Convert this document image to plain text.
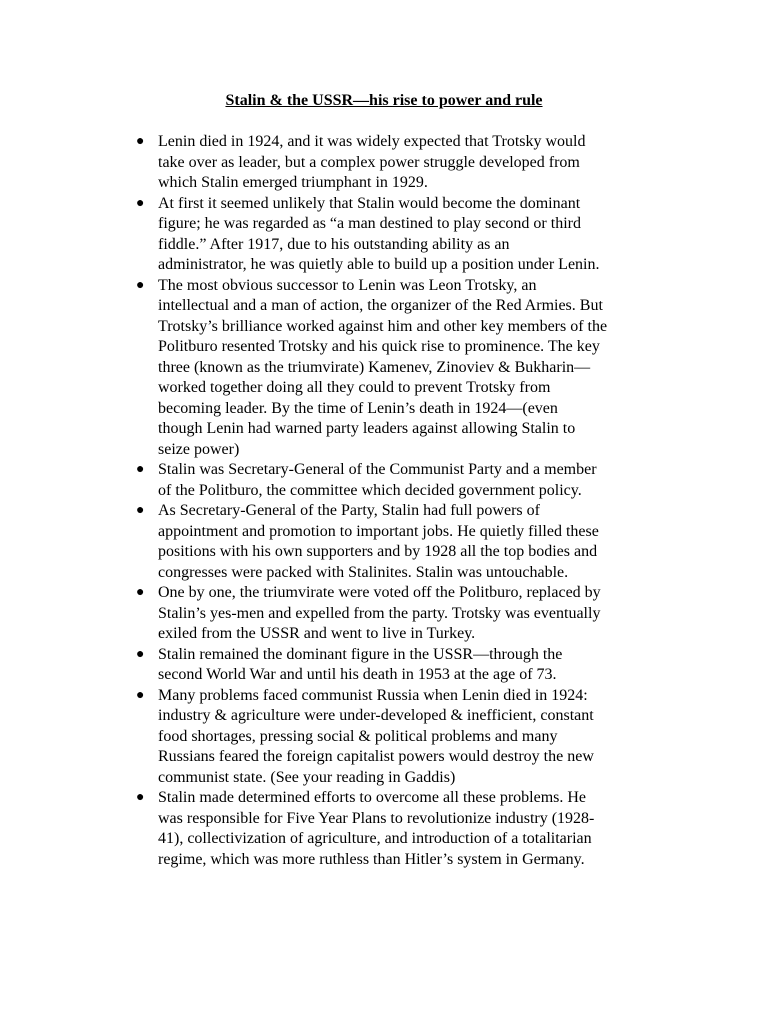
Stalin & the USSR—his rise to power and rule
● Lenin died in 1924, and it was widely expected that Trotsky would
take over as leader, but a complex power struggle developed from
which Stalin emerged triumphant in 1929.
● At first it seemed unlikely that Stalin would become the dominant
figure; he was regarded as “a man destined to play second or third
fiddle.” After 1917, due to his outstanding ability as an
administrator, he was quietly able to build up a position under Lenin.
● The most obvious successor to Lenin was Leon Trotsky, an
intellectual and a man of action, the organizer of the Red Armies. But
Trotsky’s brilliance worked against him and other key members of the
Politburo resented Trotsky and his quick rise to prominence. The key
three (known as the triumvirate) Kamenev, Zinoviev & Bukharin—
worked together doing all they could to prevent Trotsky from
becoming leader. By the time of Lenin’s death in 1924—(even
though Lenin had warned party leaders against allowing Stalin to
seize power)
● Stalin was Secretary-General of the Communist Party and a member
of the Politburo, the committee which decided government policy.
● As Secretary-General of the Party, Stalin had full powers of
appointment and promotion to important jobs. He quietly filled these
positions with his own supporters and by 1928 all the top bodies and
congresses were packed with Stalinites. Stalin was untouchable.
● One by one, the triumvirate were voted off the Politburo, replaced by
Stalin’s yes-men and expelled from the party. Trotsky was eventually
exiled from the USSR and went to live in Turkey.
● Stalin remained the dominant figure in the USSR—through the
second World War and until his death in 1953 at the age of 73.
● Many problems faced communist Russia when Lenin died in 1924:
industry & agriculture were under-developed & inefficient, constant
food shortages, pressing social & political problems and many
Russians feared the foreign capitalist powers would destroy the new
communist state. (See your reading in Gaddis)
● Stalin made determined efforts to overcome all these problems. He
was responsible for Five Year Plans to revolutionize industry (1928-
41), collectivization of agriculture, and introduction of a totalitarian
regime, which was more ruthless than Hitler’s system in Germany.
